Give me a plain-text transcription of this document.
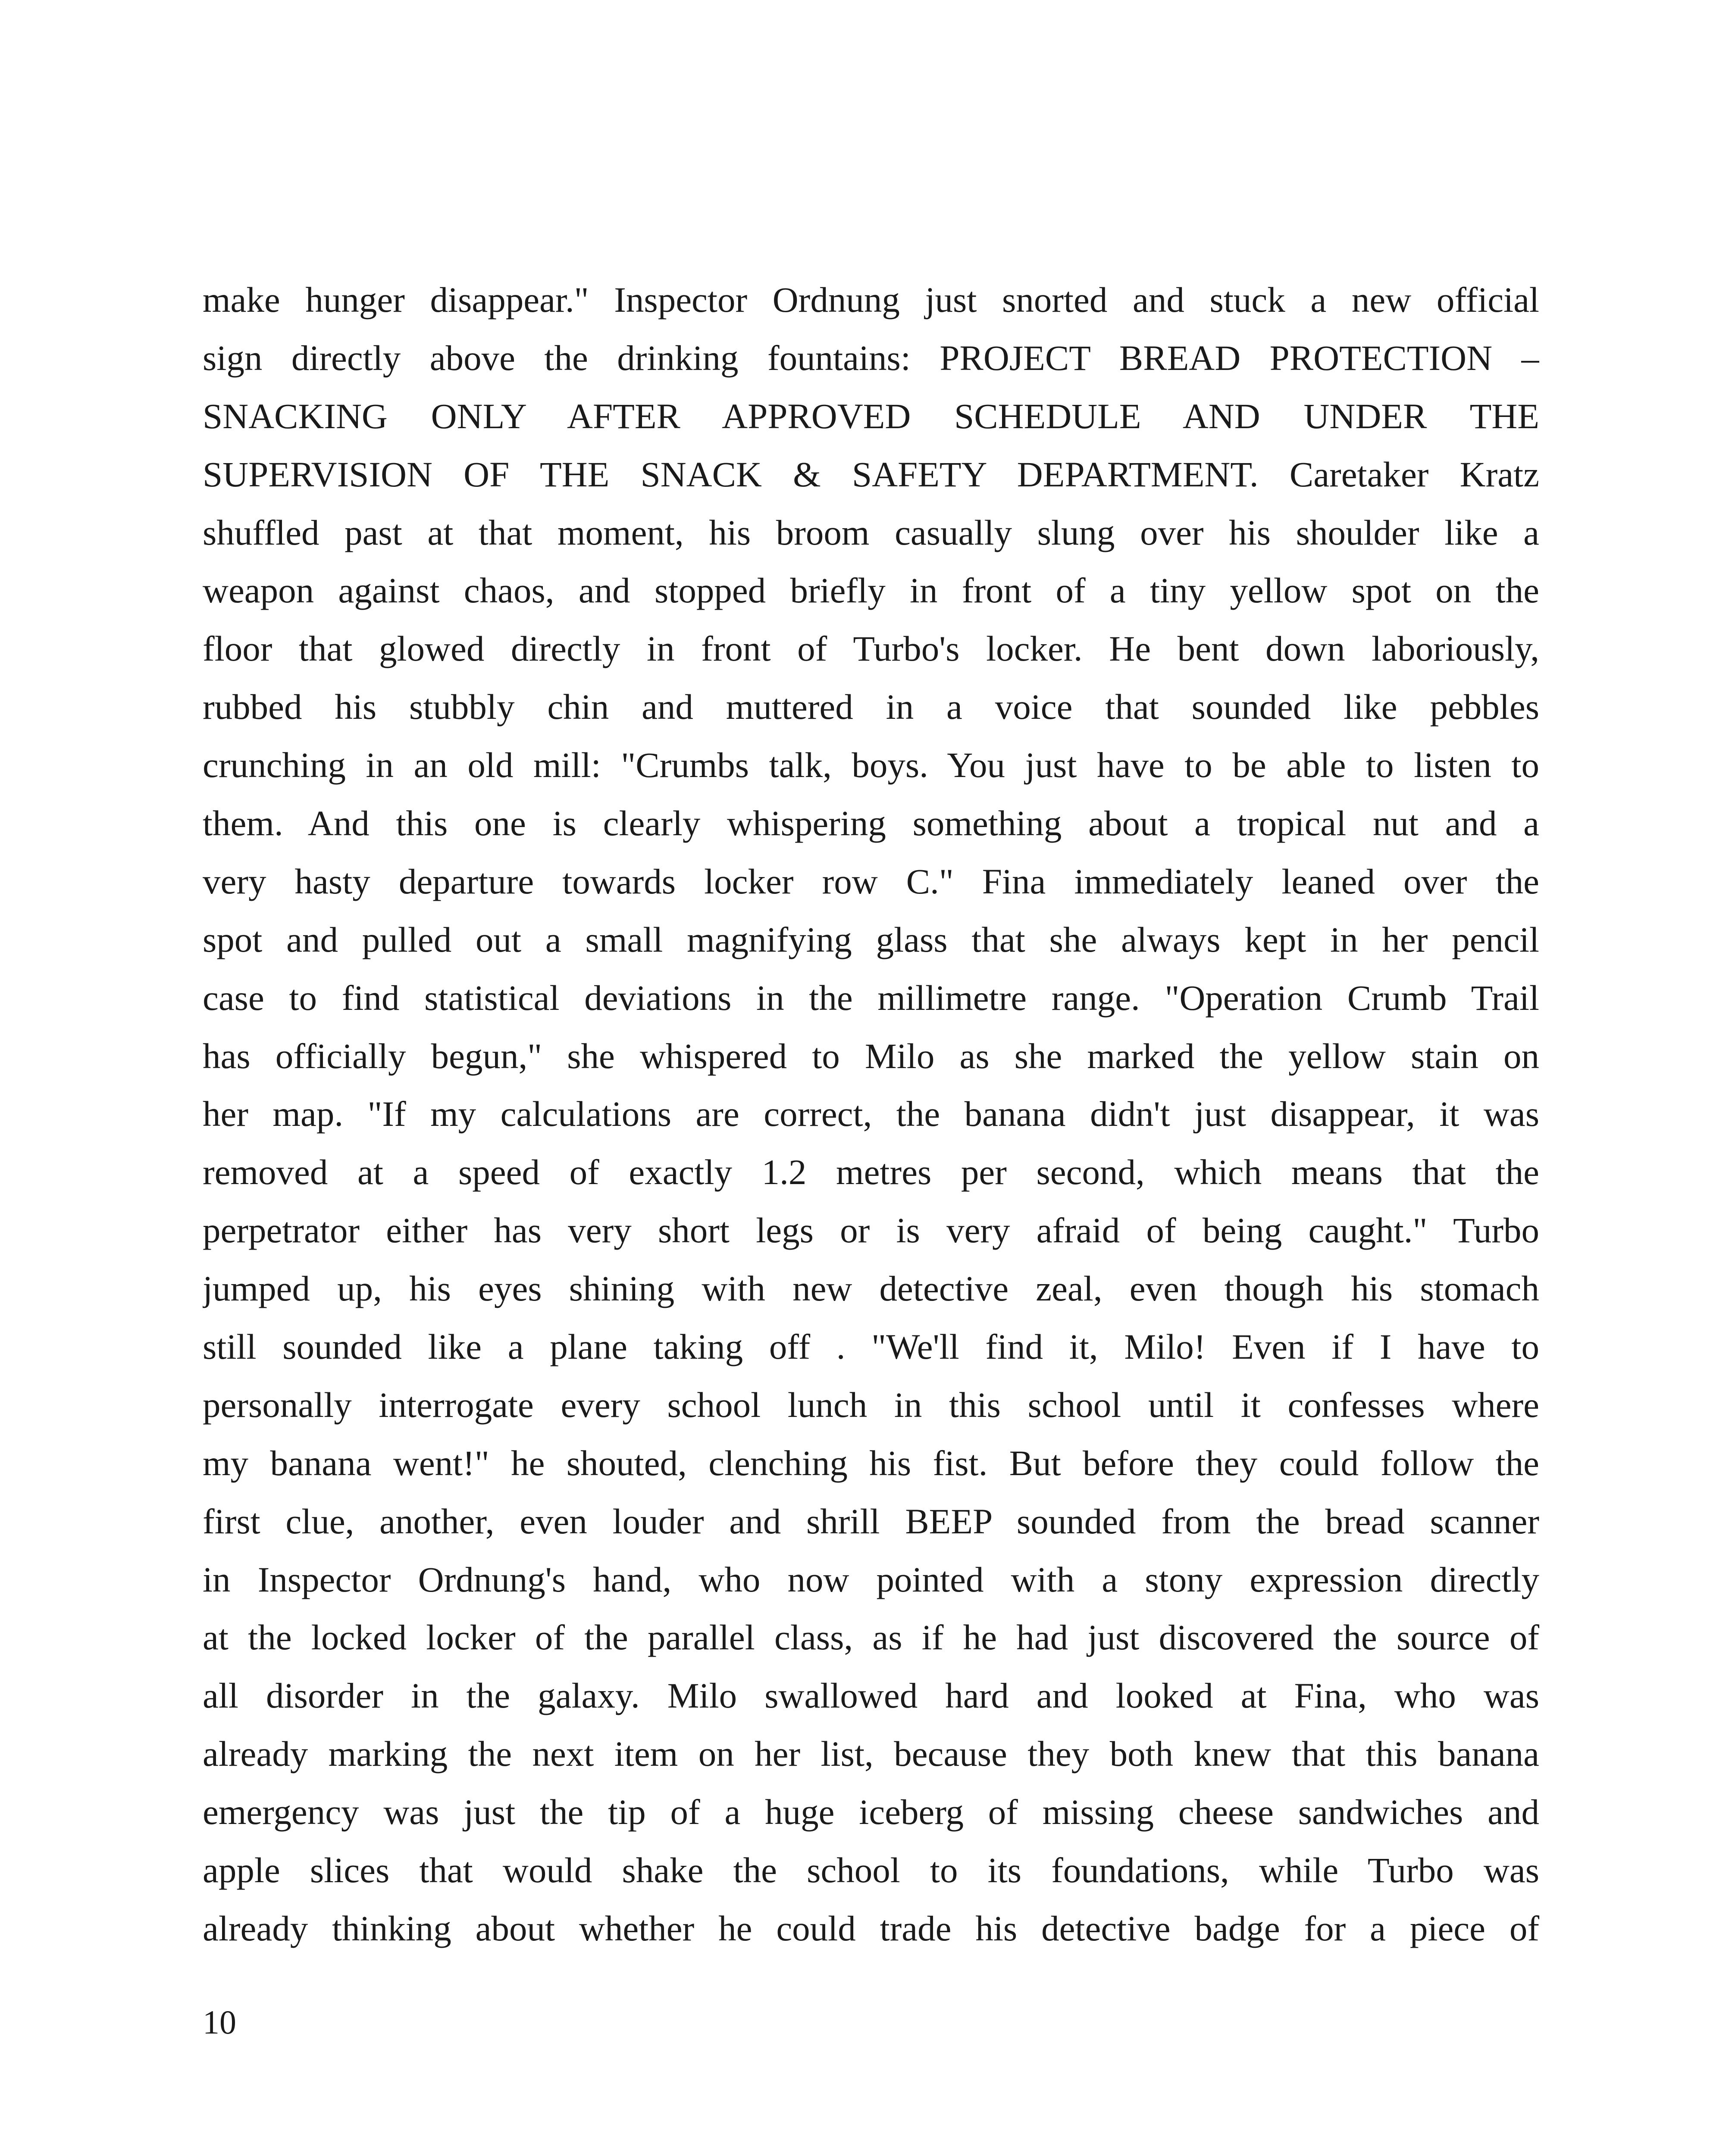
make hunger disappear." Inspector Ordnung just snorted and stuck a new official
sign directly above the drinking fountains: PROJECT BREAD PROTECTION –
SNACKING ONLY AFTER APPROVED SCHEDULE AND UNDER THE
SUPERVISION OF THE SNACK & SAFETY DEPARTMENT. Caretaker Kratz
shuffled past at that moment, his broom casually slung over his shoulder like a
weapon against chaos, and stopped briefly in front of a tiny yellow spot on the
floor that glowed directly in front of Turbo's locker. He bent down laboriously,
rubbed his stubbly chin and muttered in a voice that sounded like pebbles
crunching in an old mill: "Crumbs talk, boys. You just have to be able to listen to
them. And this one is clearly whispering something about a tropical nut and a
very hasty departure towards locker row C." Fina immediately leaned over the
spot and pulled out a small magnifying glass that she always kept in her pencil
case to find statistical deviations in the millimetre range. "Operation Crumb Trail
has officially begun," she whispered to Milo as she marked the yellow stain on
her map. "If my calculations are correct, the banana didn't just disappear, it was
removed at a speed of exactly 1.2 metres per second, which means that the
perpetrator either has very short legs or is very afraid of being caught." Turbo
jumped up, his eyes shining with new detective zeal, even though his stomach
still sounded like a plane taking off . "We'll find it, Milo! Even if I have to
personally interrogate every school lunch in this school until it confesses where
my banana went!" he shouted, clenching his fist. But before they could follow the
first clue, another, even louder and shrill BEEP sounded from the bread scanner
in Inspector Ordnung's hand, who now pointed with a stony expression directly
at the locked locker of the parallel class, as if he had just discovered the source of
all disorder in the galaxy. Milo swallowed hard and looked at Fina, who was
already marking the next item on her list, because they both knew that this banana
emergency was just the tip of a huge iceberg of missing cheese sandwiches and
apple slices that would shake the school to its foundations, while Turbo was
already thinking about whether he could trade his detective badge for a piece of
10
